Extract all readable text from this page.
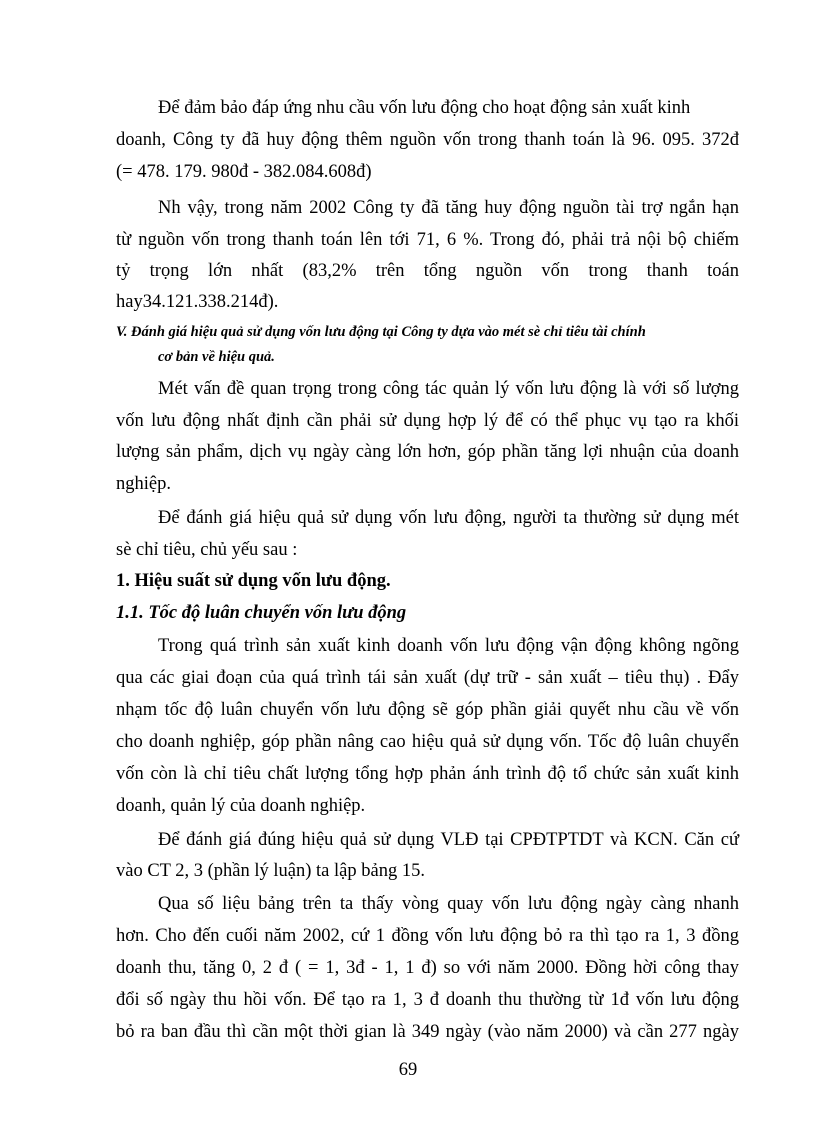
Để đảm bảo đáp ứng nhu cầu vốn lưu động cho hoạt động sản xuất kinh
doanh, Công ty đã huy động thêm nguồn vốn trong thanh toán là 96. 095. 372đ
(= 478. 179. 980đ - 382.084.608đ)
Nh vậy, trong năm 2002 Công ty đã tăng huy động nguồn tài trợ ngắn hạn
từ nguồn vốn trong thanh toán lên tới 71, 6 %. Trong đó, phải trả nội bộ chiếm
tỷ trọng lớn nhất (83,2% trên tổng nguồn vốn trong thanh toán
hay34.121.338.214đ).
V. Đánh giá hiệu quả sử dụng vốn lưu động tại Công ty dựa vào mét sè chỉ tiêu tài chính
cơ bản về hiệu quả.
Mét vấn đề quan trọng trong công tác quản lý vốn lưu động là với số lượng
vốn lưu động nhất định cần phải sử dụng hợp lý để có thể phục vụ tạo ra khối
lượng sản phẩm, dịch vụ ngày càng lớn hơn, góp phần tăng lợi nhuận của doanh
nghiệp.
Để đánh giá hiệu quả sử dụng vốn lưu động, người ta thường sử dụng mét
sè chỉ tiêu, chủ yếu sau :
1. Hiệu suất sử dụng vốn lưu động.
1.1. Tốc độ luân chuyển vốn lưu động
Trong quá trình sản xuất kinh doanh vốn lưu động vận động không ngõng
qua các giai đoạn của quá trình tái sản xuất (dự trữ - sản xuất – tiêu thụ) . Đẩy
nhạm tốc độ luân chuyển vốn lưu động sẽ góp phần giải quyết nhu cầu về vốn
cho doanh nghiệp, góp phần nâng cao hiệu quả sử dụng vốn. Tốc độ luân chuyển
vốn còn là chỉ tiêu chất lượng tổng hợp phản ánh trình độ tổ chức sản xuất kinh
doanh, quản lý của doanh nghiệp.
Để đánh giá đúng hiệu quả sử dụng VLĐ tại CPĐTPTDT và KCN. Căn cứ
vào CT 2, 3 (phần lý luận) ta lập bảng 15.
Qua số liệu bảng trên ta thấy vòng quay vốn lưu động ngày càng nhanh
hơn. Cho đến cuối năm 2002, cứ 1 đồng vốn lưu động bỏ ra thì tạo ra 1, 3 đồng
doanh thu, tăng 0, 2 đ ( = 1, 3đ - 1, 1 đ) so với năm 2000. Đồng hời công thay
đổi số ngày thu hồi vốn. Để tạo ra 1, 3 đ doanh thu thường từ 1đ vốn lưu động
bỏ ra ban đầu thì cần một thời gian là 349 ngày (vào năm 2000) và cần 277 ngày
69
